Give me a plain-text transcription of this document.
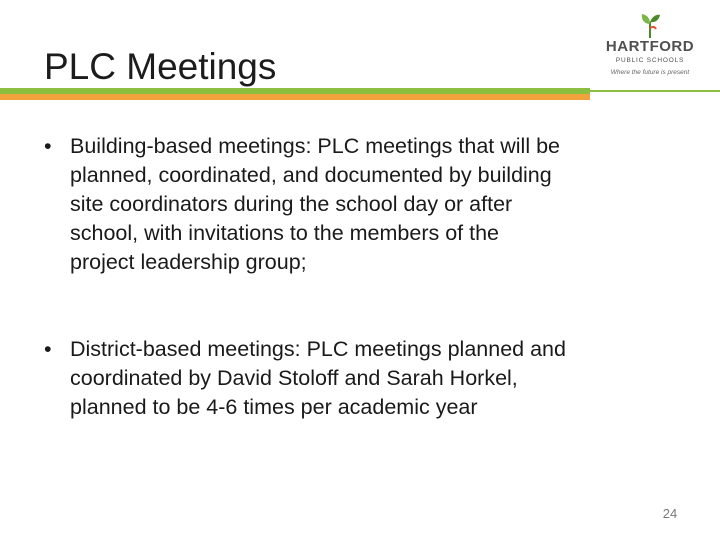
PLC Meetings	HARTFORD
PUBLIC SCHOOLS
Where the future is present
• Building-based meetings: PLC meetings that will be
planned, coordinated, and documented by building
site coordinators during the school day or after
school, with invitations to the members of the
project leadership group;
• District-based meetings: PLC meetings planned and
coordinated by David Stoloff and Sarah Horkel,
planned to be 4-6 times per academic year
24
